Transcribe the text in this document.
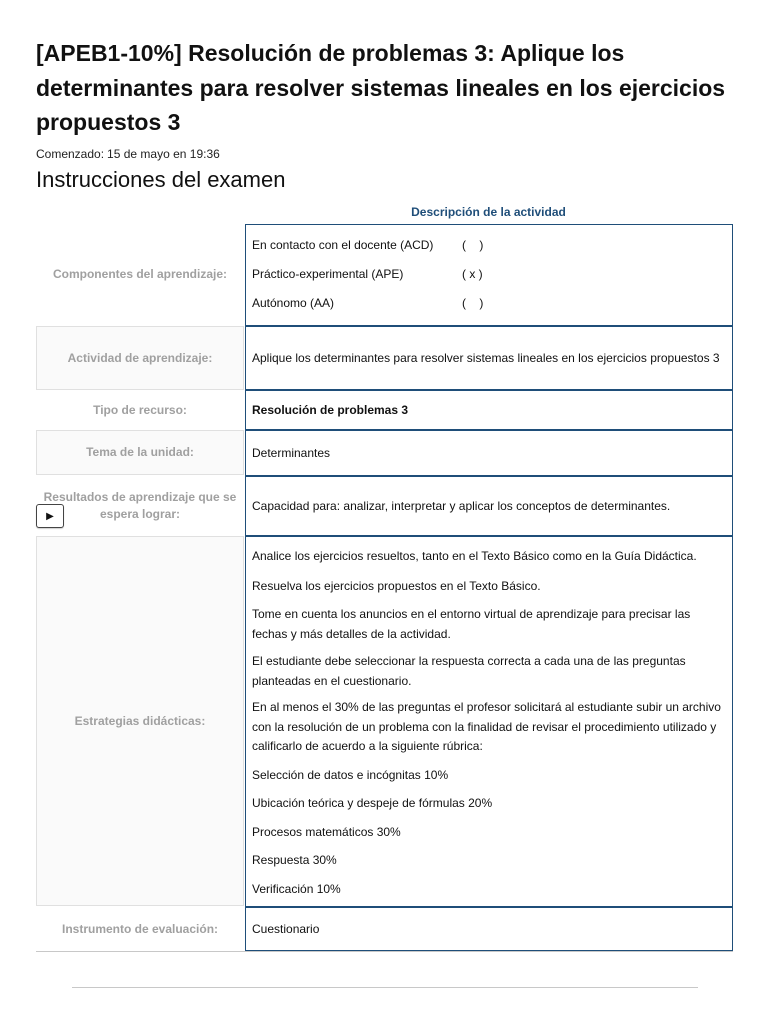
[APEB1-10%] Resolución de problemas 3: Aplique los determinantes para resolver sistemas lineales en los ejercicios propuestos 3
Comenzado: 15 de mayo en 19:36
Instrucciones del examen
Descripción de la actividad
Componentes del aprendizaje:
En contacto con el docente (ACD) (    )
Práctico-experimental (APE)	( x )
Autónomo (AA)	(    )
Actividad de aprendizaje:	Aplique los determinantes para resolver sistemas lineales en los ejercicios propuestos 3
Tipo de recurso:	Resolución de problemas 3
Tema de la unidad:	Determinantes
Resultados de aprendizaje que se espera lograr:
Capacidad para: analizar, interpretar y aplicar los conceptos de determinantes.
▶
Estrategias didácticas:

Analice los ejercicios resueltos, tanto en el Texto Básico como en la Guía Didáctica.

Resuelva los ejercicios propuestos en el Texto Básico.

Tome en cuenta los anuncios en el entorno virtual de aprendizaje para precisar las fechas y más detalles de la actividad.

El estudiante debe seleccionar la respuesta correcta a cada una de las preguntas planteadas en el cuestionario.

En al menos el 30% de las preguntas el profesor solicitará al estudiante subir un archivo con la resolución de un problema con la finalidad de revisar el procedimiento utilizado y calificarlo de acuerdo a la siguiente rúbrica:

Selección de datos e incógnitas 10%

Ubicación teórica y despeje de fórmulas 20%

Procesos matemáticos 30%

Respuesta 30%

Verificación 10%

Instrumento de evaluación:	Cuestionario
